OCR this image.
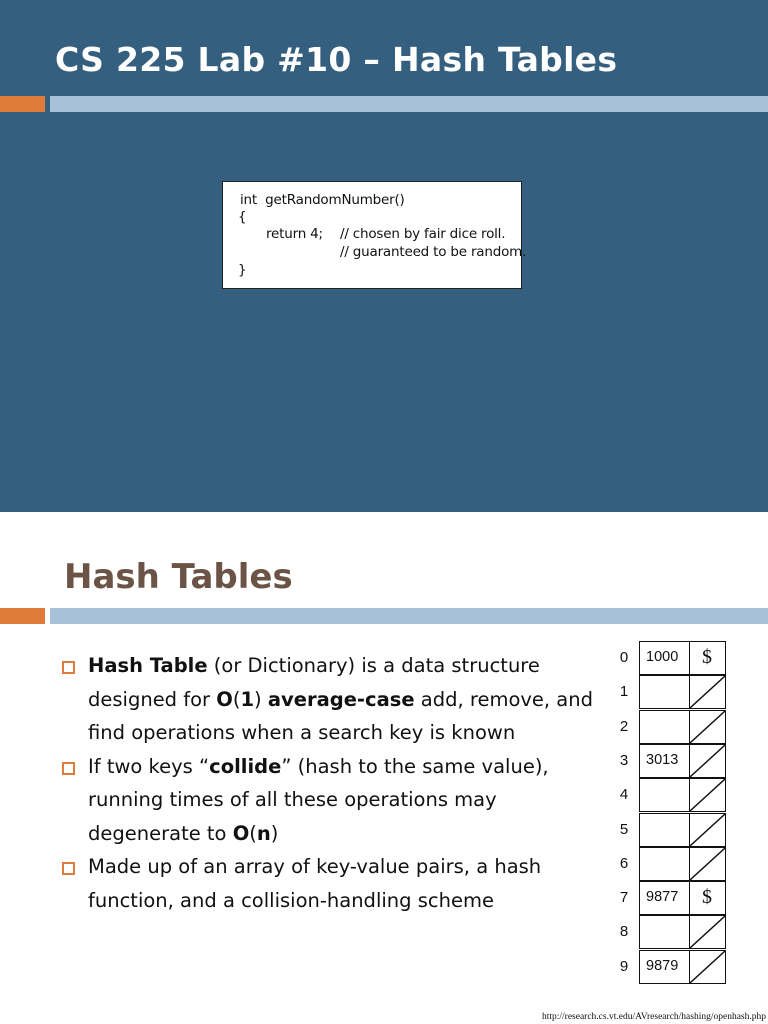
CS 225 Lab #10 – Hash Tables
int  getRandomNumber()
{
return 4; // chosen by fair dice roll.
// guaranteed to be random.
}
Hash Tables
Hash Table (or Dictionary) is a data structure designed for O(1) average-case add, remove, and find operations when a search key is known
If two keys “collide” (hash to the same value), running times of all these operations may degenerate to O(n)
Made up of an array of key-value pairs, a hash function, and a collision-handling scheme
0	1000	$
1
2
3	3013
4
5
6
7	9877	$
8
9	9879
http://research.cs.vt.edu/AVresearch/hashing/openhash.php
